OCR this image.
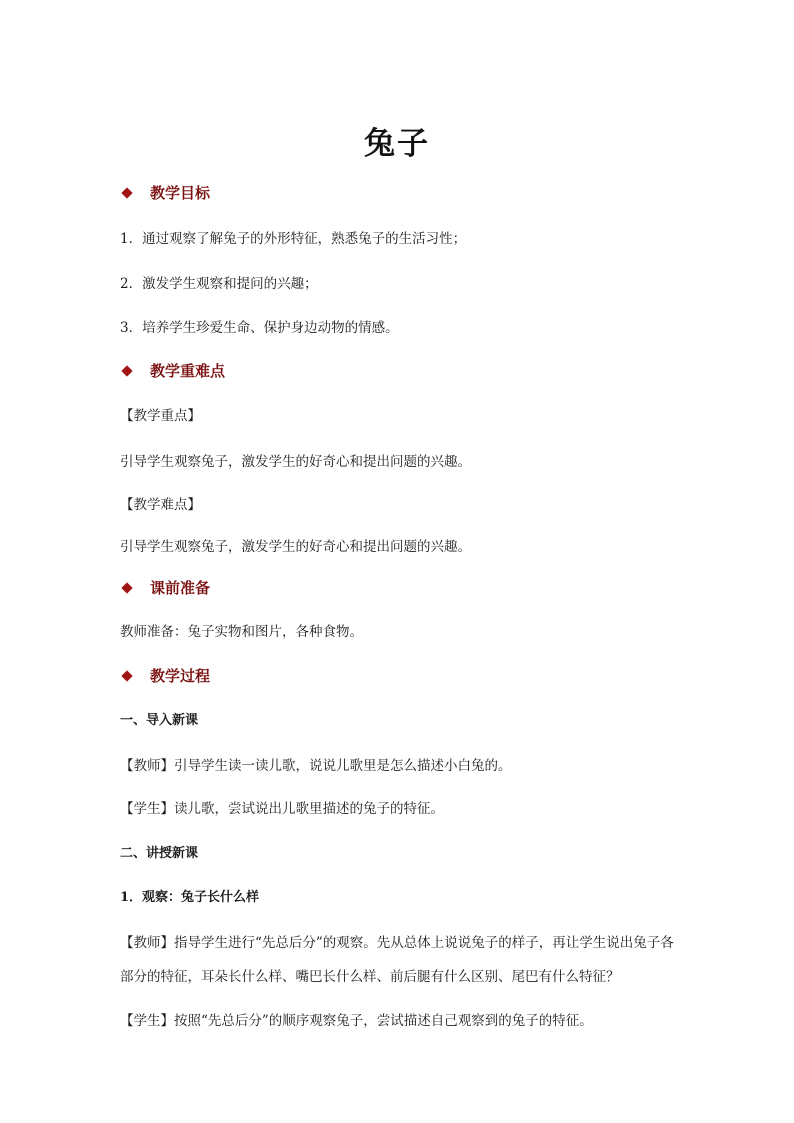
兔子
教学目标
1．通过观察了解兔子的外形特征，熟悉兔子的生活习性；
2．激发学生观察和提问的兴趣；
3．培养学生珍爱生命、保护身边动物的情感。
教学重难点
【教学重点】
引导学生观察兔子，激发学生的好奇心和提出问题的兴趣。
【教学难点】
引导学生观察兔子，激发学生的好奇心和提出问题的兴趣。
课前准备
教师准备：兔子实物和图片，各种食物。
教学过程
一、导入新课
【教师】引导学生读一读儿歌，说说儿歌里是怎么描述小白兔的。
【学生】读儿歌，尝试说出儿歌里描述的兔子的特征。
二、讲授新课
1．观察：兔子长什么样
【教师】指导学生进行“先总后分”的观察。先从总体上说说兔子的样子，再让学生说出兔子各部分的特征，耳朵长什么样、嘴巴长什么样、前后腿有什么区别、尾巴有什么特征？
【学生】按照“先总后分”的顺序观察兔子，尝试描述自己观察到的兔子的特征。
